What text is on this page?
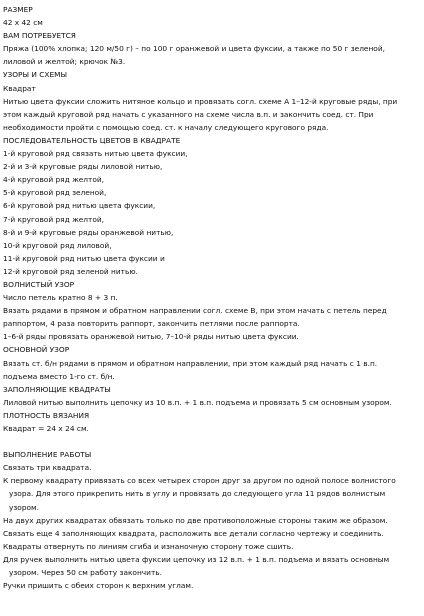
РАЗМЕР
42 x 42 см
ВАМ ПОТРЕБУЕТСЯ
Пряжа (100% хлопка; 120 м/50 г) – по 100 г оранжевой и цвета фуксии, а также по 50 г зеленой,
лиловой и желтой; крючок №3.
УЗОРЫ И СХЕМЫ
Квадрат
Нитью цвета фуксии сложить нитяное кольцо и провязать согл. схеме А 1–12-й круговые ряды, при
этом каждый круговой ряд начать с указанного на схеме числа в.п. и закончить соед. ст. При
необходимости пройти с помощью соед. ст. к началу следующего кругового ряда.
ПОСЛЕДОВАТЕЛЬНОСТЬ ЦВЕТОВ В КВАДРАТЕ
1-й круговой ряд связать нитью цвета фуксии,
2-й и 3-й круговые ряды лиловой нитью,
4-й круговой ряд желтой,
5-й круговой ряд зеленой,
6-й круговой ряд нитью цвета фуксии,
7-й круговой ряд желтой,
8-й и 9-й круговые ряды оранжевой нитью,
10-й круговой ряд лиловой,
11-й круговой ряд нитью цвета фуксии и
12-й круговой ряд зеленой нитью.
ВОЛНИСТЫЙ УЗОР
Число петель кратно 8 + 3 п.
Вязать рядами в прямом и обратном направлении согл. схеме В, при этом начать с петель перед
раппортом, 4 раза повторить раппорт, закончить петлями после раппорта.
1–6-й ряды провязать оранжевой нитью, 7–10-й ряды нитью цвета фуксии.
ОСНОВНОЙ УЗОР
Вязать ст. б/н рядами в прямом и обратном направлении, при этом каждый ряд начать с 1 в.п.
подъема вместо 1-го ст. б/н.
ЗАПОЛНЯЮЩИЕ КВАДРАТЫ
Лиловой нитью выполнить цепочку из 10 в.п. + 1 в.п. подъема и провязать 5 см основным узором.
ПЛОТНОСТЬ ВЯЗАНИЯ
Квадрат = 24 х 24 см.
ВЫПОЛНЕНИЕ РАБОТЫ
Связать три квадрата.
К первому квадрату привязать со всех четырех сторон друг за другом по одной полосе волнистого
узора. Для этого прикрепить нить в углу и провязать до следующего угла 11 рядов волнистым
узором.
На двух других квадратах обвязать только по две противоположные стороны таким же образом.
Связать еще 4 заполняющих квадрата, расположить все детали согласно чертежу и соединить.
Квадраты отвернуть по линиям сгиба и изнаночную сторону тоже сшить.
Для ручек выполнить нитью цвета фуксии цепочку из 12 в.п. + 1 в.п. подъема и вязать основным
узором. Через 50 см работу закончить.
Ручки пришить с обеих сторон к верхним углам.
